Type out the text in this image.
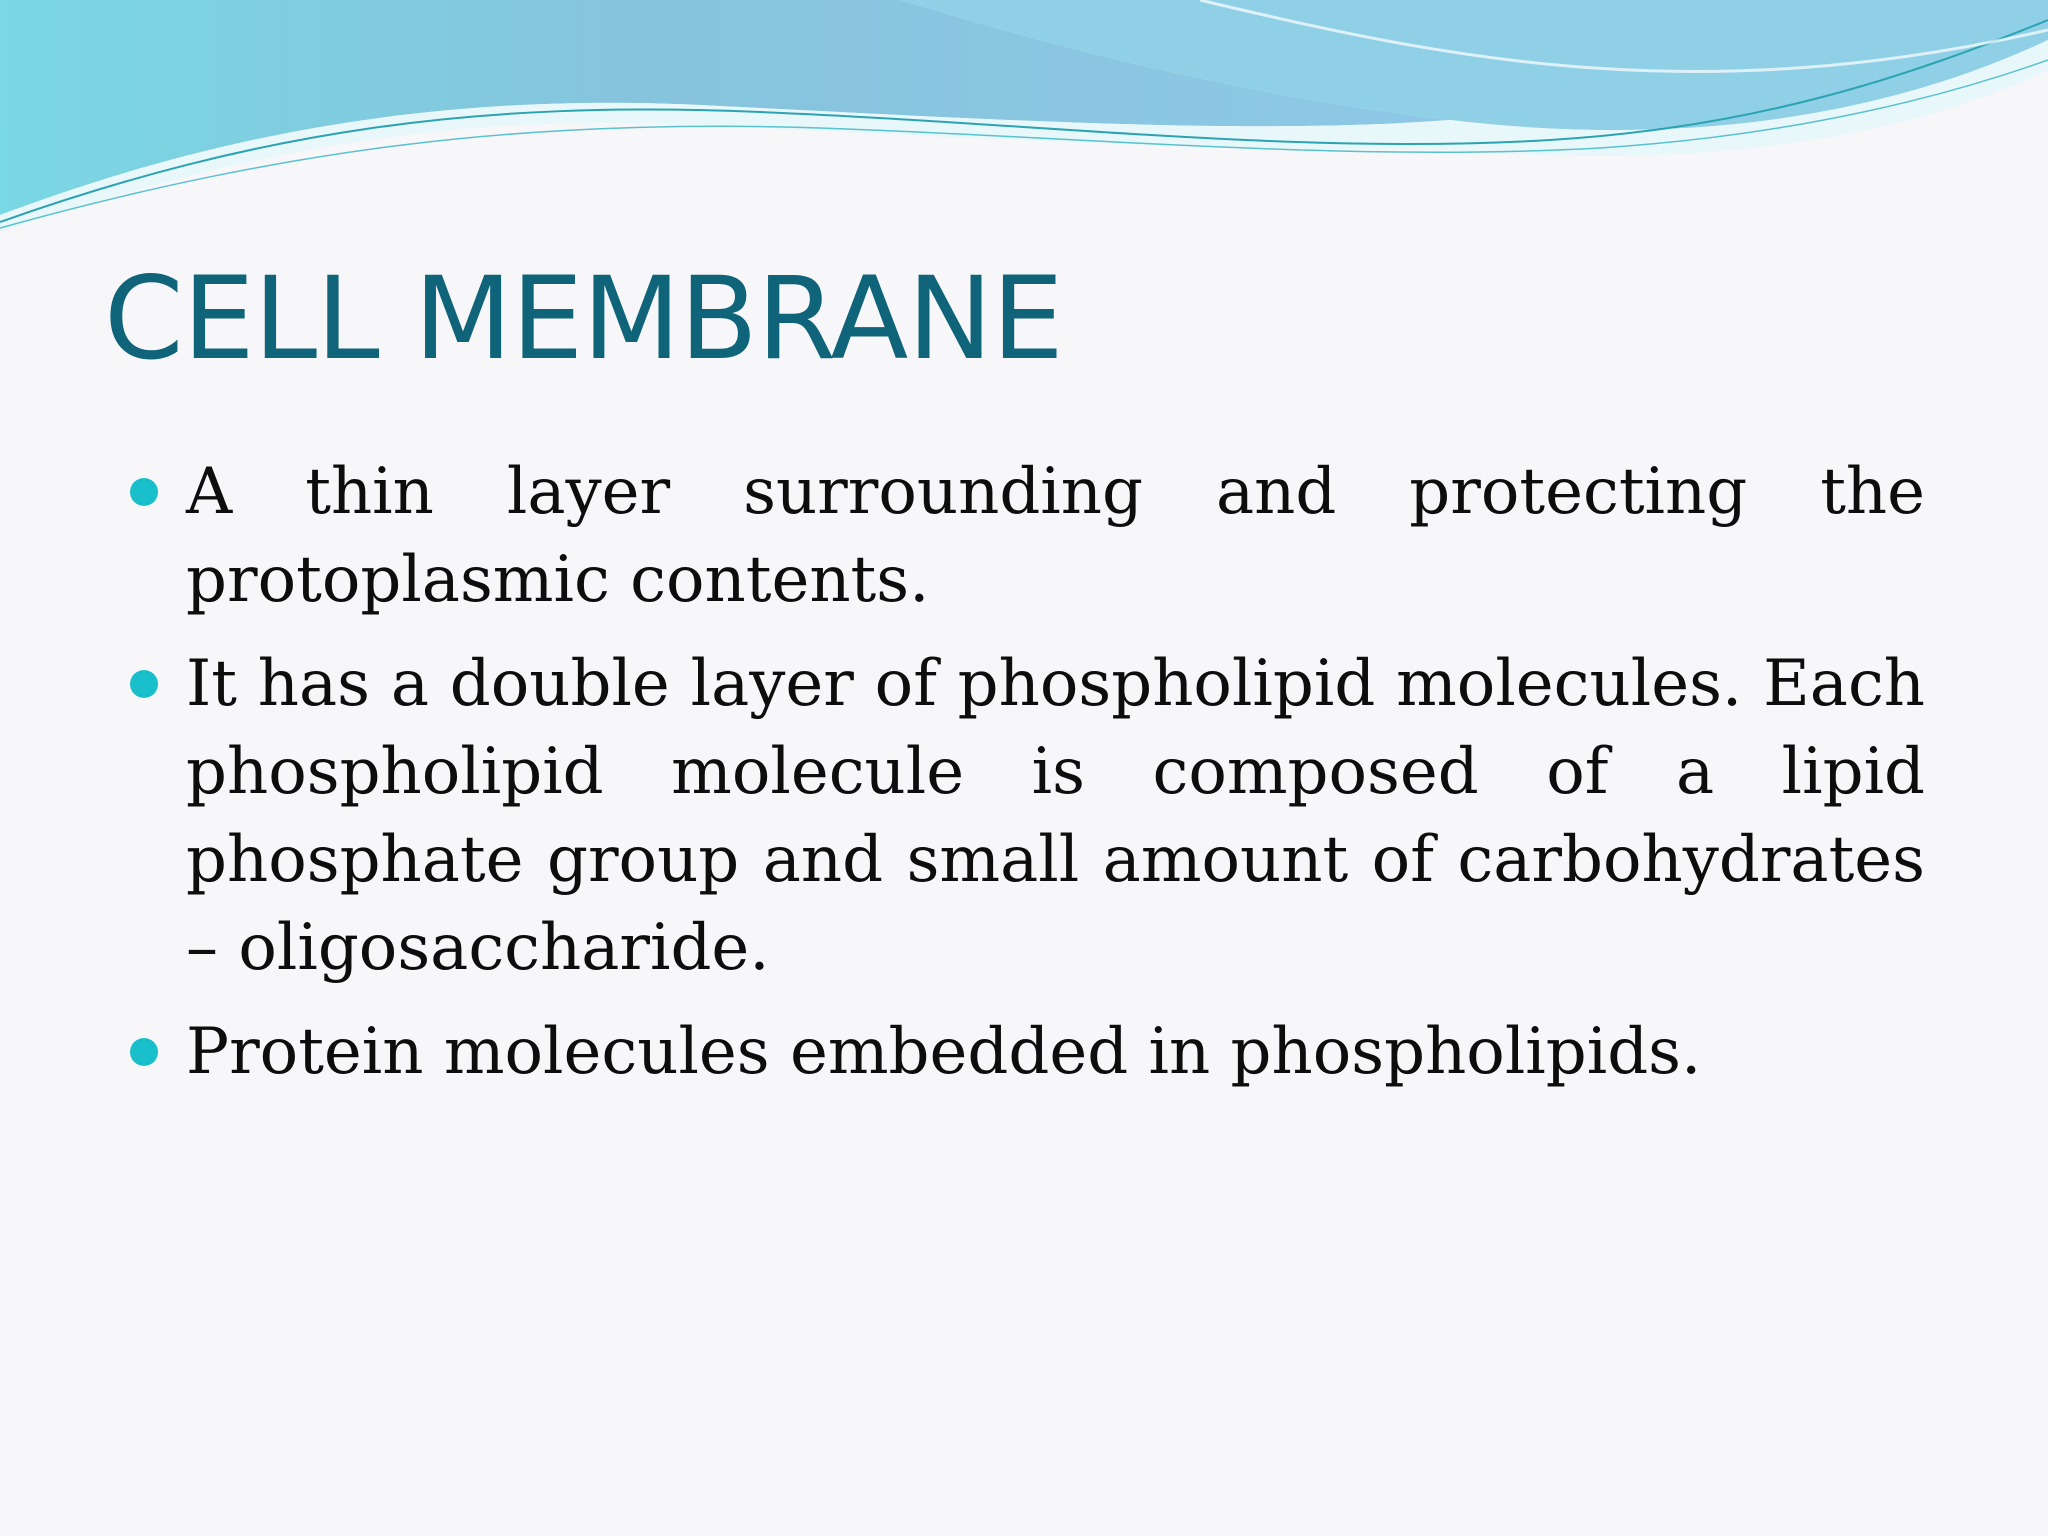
CELL MEMBRANE
A thin layer surrounding and protecting the protoplasmic contents.
It has a double layer of phospholipid molecules. Each phospholipid molecule is composed of a lipid phosphate group and small amount of carbohydrates – oligosaccharide.
Protein molecules embedded in phospholipids.
